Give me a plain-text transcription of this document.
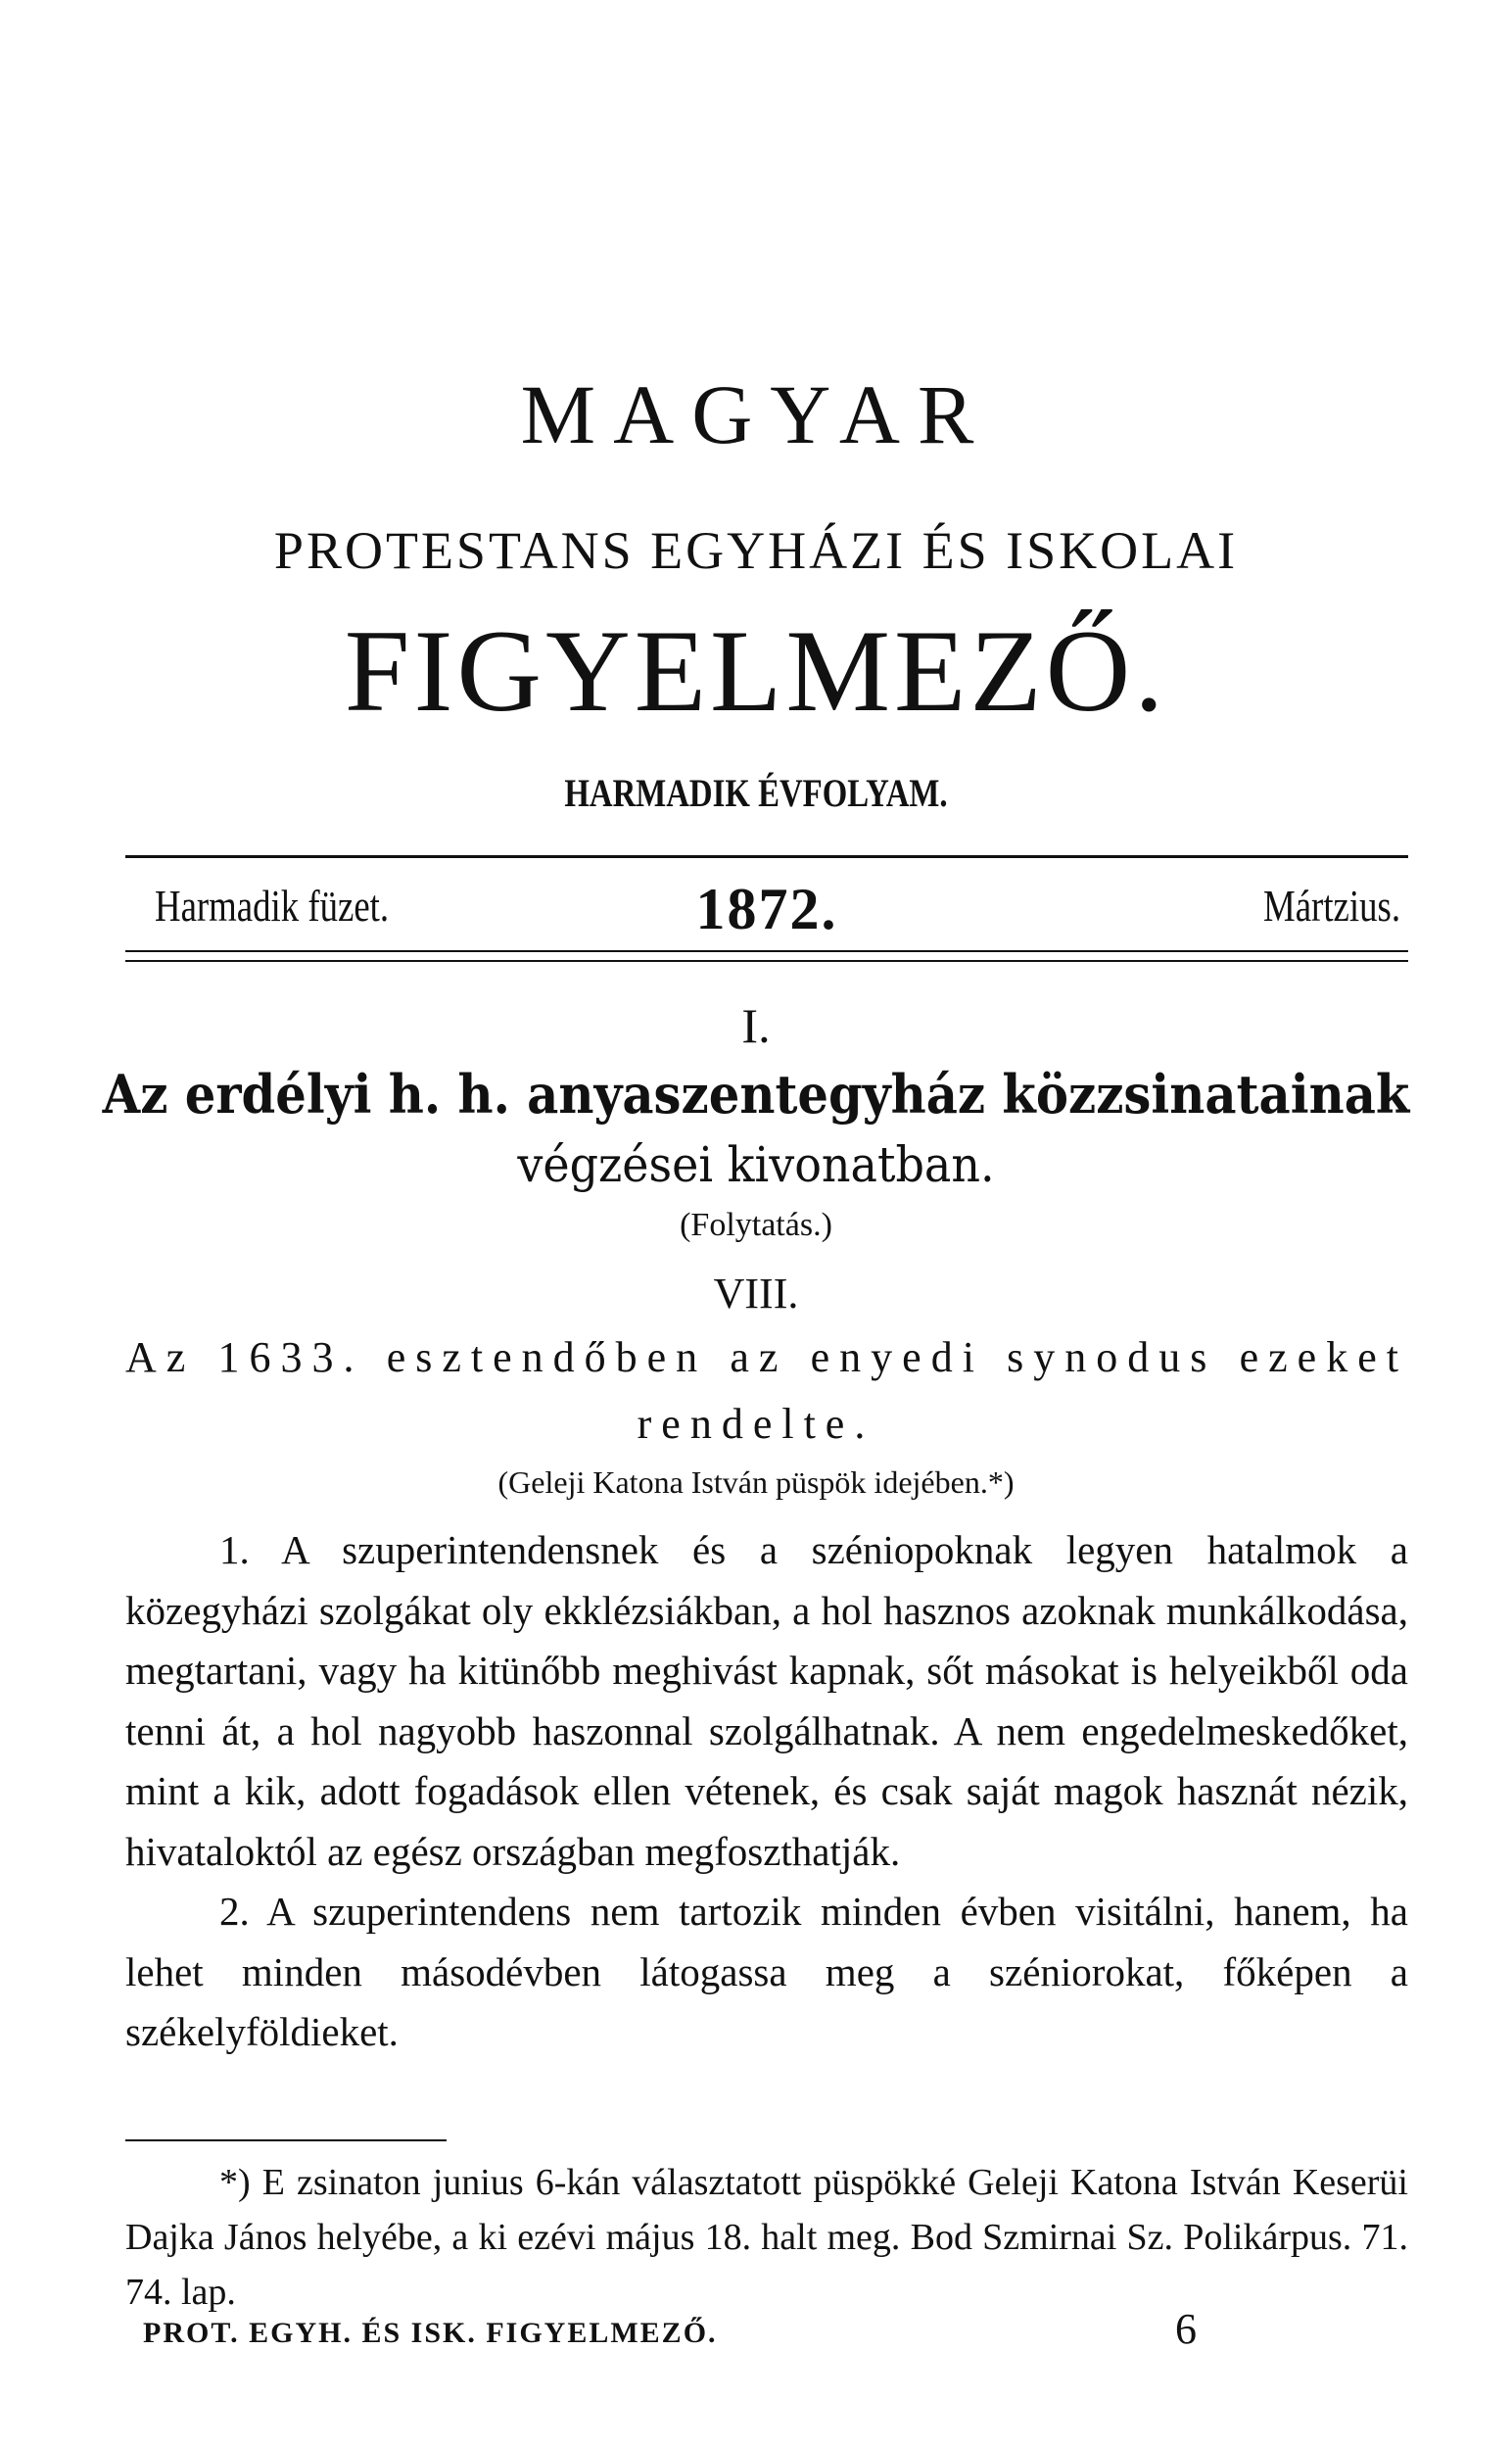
MAGYAR
PROTESTANS EGYHÁZI ÉS ISKOLAI
FIGYELMEZŐ.
HARMADIK ÉVFOLYAM.
Harmadik füzet.	1872.	Mártzius.
I.
Az erdélyi h. h. anyaszentegyház közzsinatainak
végzései kivonatban.
(Folytatás.)
VIII.
Az 1633. esztendőben az enyedi synodus ezeket
rendelte.
(Geleji Katona István püspök idejében.*)

1. A szuperintendensnek és a széniороknak legyen hatalmok a közegyházi szolgákat oly ekklézsiákban, a hol hasznos azoknak munkálkodása, megtartani, vagy ha kitünőbb meghivást kapnak, sőt másokat is helyeikből oda tenni át, a hol nagyobb haszonnal szolgálhatnak. A nem engedelmeskedőket, mint a kik, adott fogadások ellen vétenek, és csak saját magok hasznát nézik, hivataloktól az egész országban megfoszthatják.

2. A szuperintendens nem tartozik minden évben visitálni, hanem, ha lehet minden másodévben látogassa meg a széniorokat, főképen a székelyföldieket.

*) E zsinaton junius 6-kán választatott püspökké Geleji Katona István Keserüi Dajka János helyébe, a ki ezévi május 18. halt meg. Bod Szmirnai Sz. Polikárpus. 71. 74. lap.

PROT. EGYH. ÉS ISK. FIGYELMEZŐ.	6
